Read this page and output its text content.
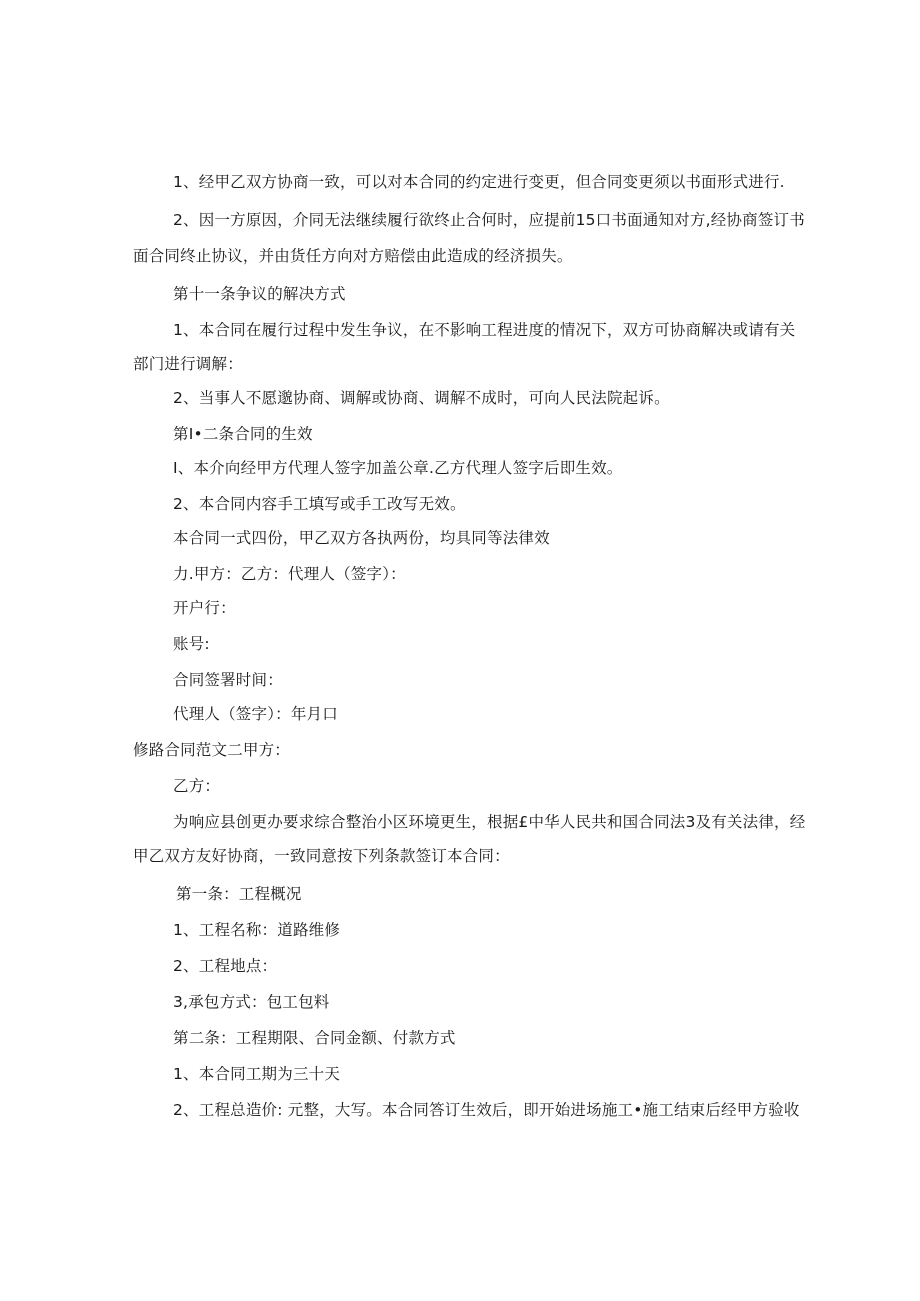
1、经甲乙双方协商一致，可以对本合同的约定进行变更，但合同变更须以书面形式进行.
2、因一方原因，介同无法继续履行欲终止合何时，应提前15口书面通知对方,经协商签订书
面合同终止协议，并由货任方向对方赔偿由此造成的经济损失。
第十一条争议的解决方式
1、本合同在履行过程中发生争议，在不影响工程进度的情况下，双方可协商解决或请有关
部门进行调解：
2、当事人不愿邈协商、调解或协商、调解不成时，可向人民法院起诉。
第I•二条合同的生效
I、本介向经甲方代理人签字加盖公章.乙方代理人签字后即生效。
2、本合同内容手工填写或手工改写无效。
本合同一式四份，甲乙双方各执两份，均具同等法律效
力.甲方：乙方：代理人（签字）：
开户行：
账号:
合同签署时间：
代理人（签字）：年月口
修路合同范文二甲方：
乙方：
为响应县创更办要求综合整治小区环境更生，根据£中华人民共和国合同法3及有关法律，经
甲乙双方友好协商，一致同意按下列条款签订本合同：
第一条：工程概况
1、工程名称：道路维修
2、工程地点：
3,承包方式：包工包料
第二条：工程期限、合同金额、付款方式
1、本合同工期为三十天
2、工程总造价: 元整，大写。本合同答订生效后，即开始进场施工•施工结束后经甲方验收
